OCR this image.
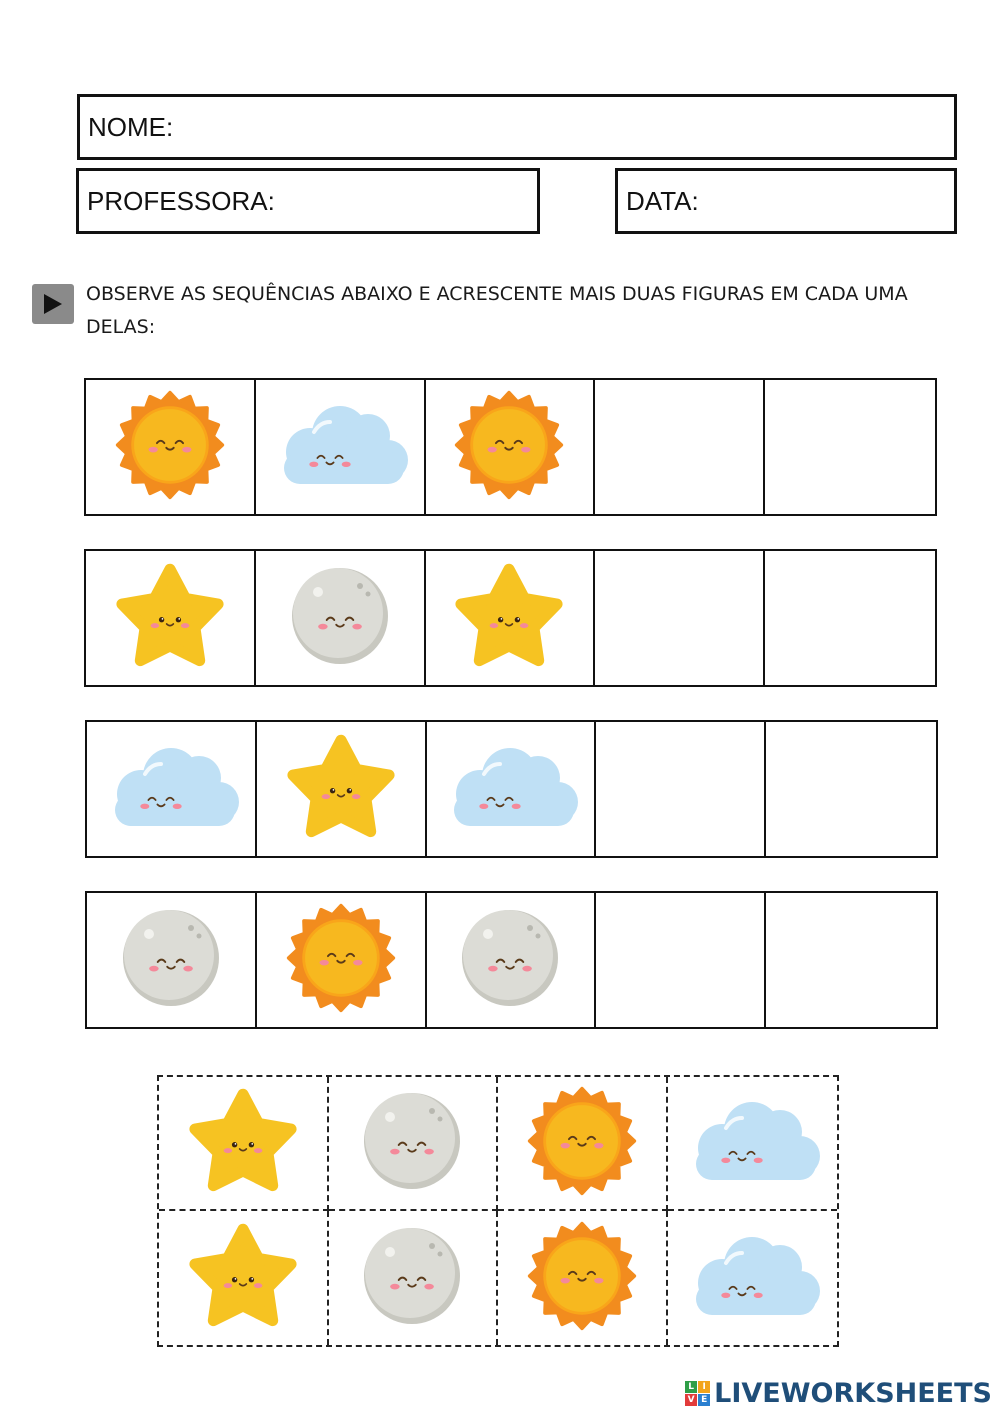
NOME:
PROFESSORA:	DATA:
OBSERVE AS SEQUÊNCIAS ABAIXO E ACRESCENTE MAIS DUAS FIGURAS EM CADA UMA
DELAS:
L I
V E LIVEWORKSHEETS
